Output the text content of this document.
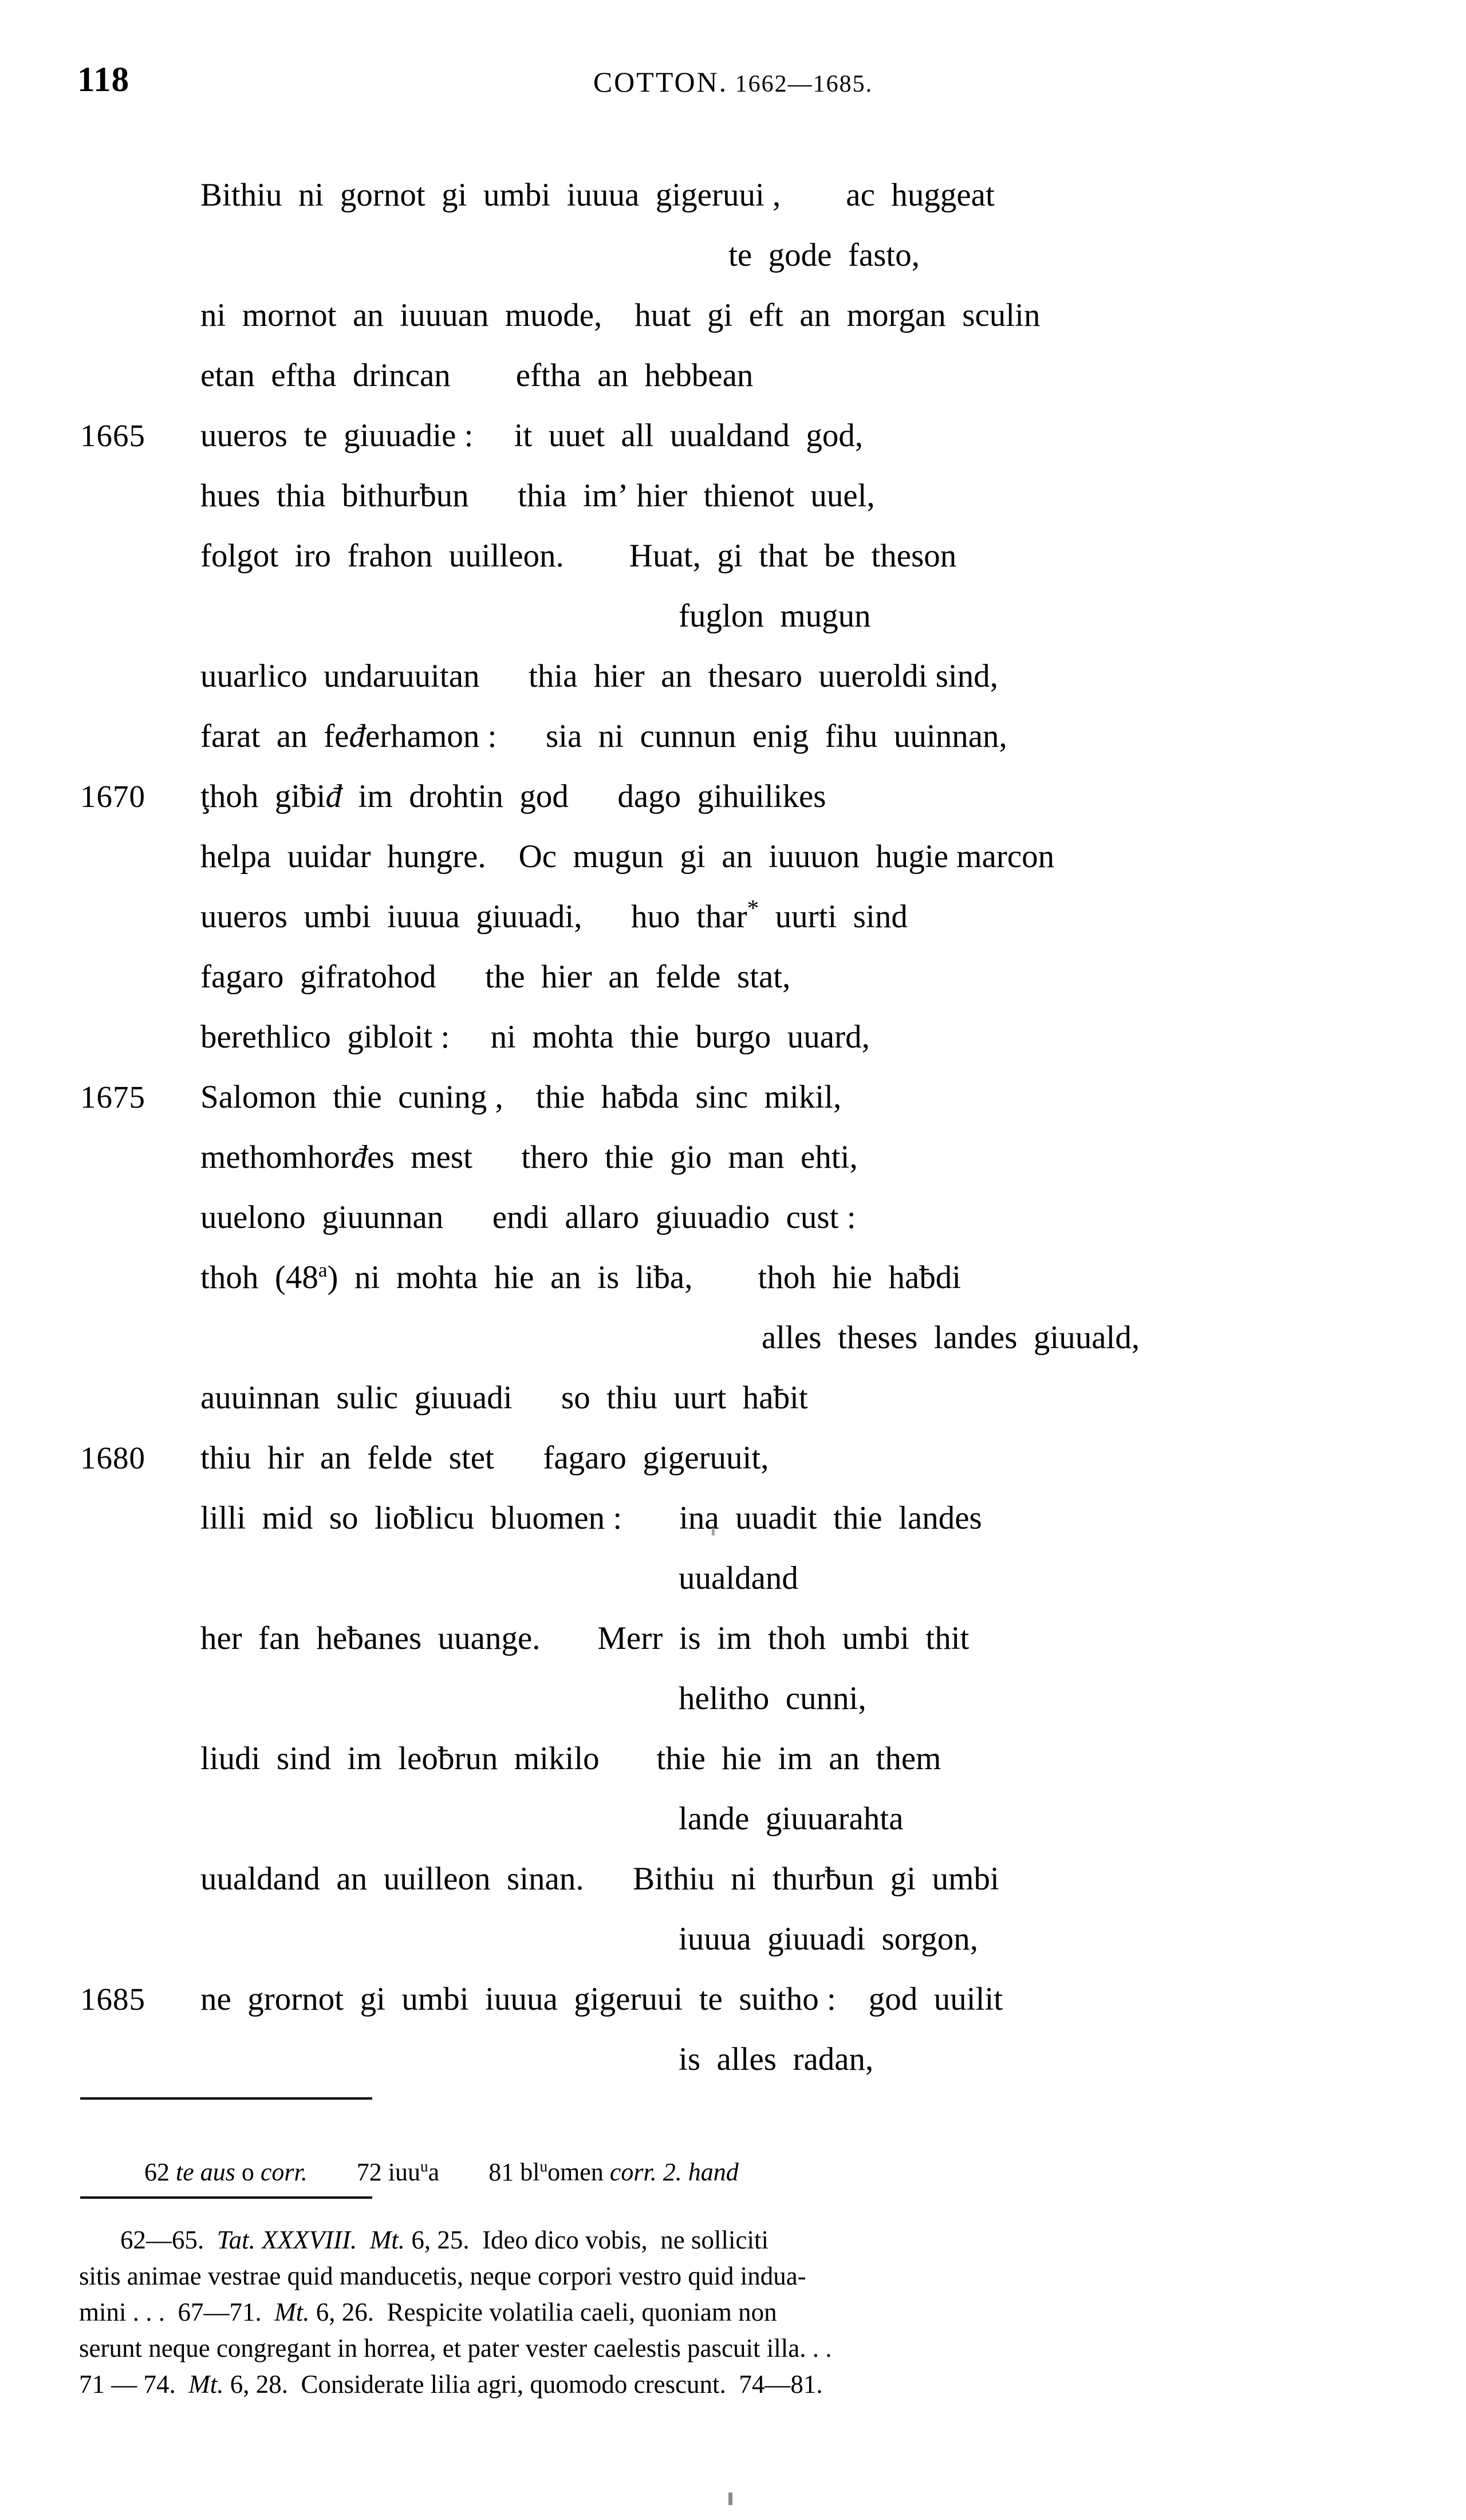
118	COTTON. 1662—1685.
Bithiu  ni  gornot  gi  umbi  iuuua  gigeruui ,        ac  huggeat
te  gode  fasto,
ni  mornot  an  iuuuan  muode,    huat  gi  eft  an  morgan  sculin
etan  eftha  drincan        eftha  an  hebbean
1665	uueros  te  giuuadie :     it  uuet  all  uualdand  god,
hues  thia  bithurƀun      thia  imʼ hier  thienot  uuel,
folgot  iro  frahon  uuilleon.        Huat,  gi  that  be  theson
fuglon  mugun
uuarlico  undaruuitan      thia  hier  an  thesaro  uueroldi sind,
farat  an  feđerhamon :      sia  ni  cunnun  enig  fihu  uuinnan,
1670	ţhoh  giƀiđ  im  drohtin  god      dago  gihuilikes
helpa  uuidar  hungre.    Oc  mugun  gi  an  iuuuon  hugie marcon
uueros  umbi  iuuua  giuuadi,      huo  thar*  uurti  sind
fagaro  gifratohod      the  hier  an  felde  stat,
berethlico  gibloit :     ni  mohta  thie  burgo  uuard,
1675	Salomon  thie  cuning ,    thie  haƀda  sinc  mikil,
methomhorđes  mest      thero  thie  gio  man  ehti,
uuelono  giuunnan      endi  allaro  giuuadio  cust :
thoh  (48$^a$)  ni  mohta  hie  an  is  liƀa,        thoh  hie  haƀdi
alles  theses  landes  giuuald,
auuinnan  sulic  giuuadi      so  thiu  uurt  haƀit
1680	thiu  hir  an  felde  stet      fagaro  gigeruuit,
lilli  mid  so  lioƀlicu  bluomen :       ina  uuadit  thie  landes
uualdand
her  fan  heƀanes  uuange.       Merr  is  im  thoh  umbi  thit
helitho  cunni,
liudi  sind  im  leoƀrun  mikilo       thie  hie  im  an  them
lande  giuuarahta
uualdand  an  uuilleon  sinan.      Bithiu  ni  thurƀun  gi  umbi
iuuua  giuuadi  sorgon,
1685	ne  grornot  gi  umbi  iuuua  gigeruui  te  suitho :    god  uuilit
is  alles  radan,

62 te aus o corr. 72 iuu$^u$a 81 $bl^uomen$ corr. 2. hand

62—65. Tat. XXXVIII. Mt. 6, 25. Ideo dico vobis,  ne solliciti
sitis animae vestrae quid manducetis, neque corpori vestro quid indua-
mini . . . 67—71. Mt. 6, 26. Respicite volatilia caeli, quoniam non
serunt neque congregant in horrea, et pater vester caelestis pascuit illa. . .
71 — 74. Mt. 6, 28. Considerate lilia agri, quomodo crescunt. 74—81.
